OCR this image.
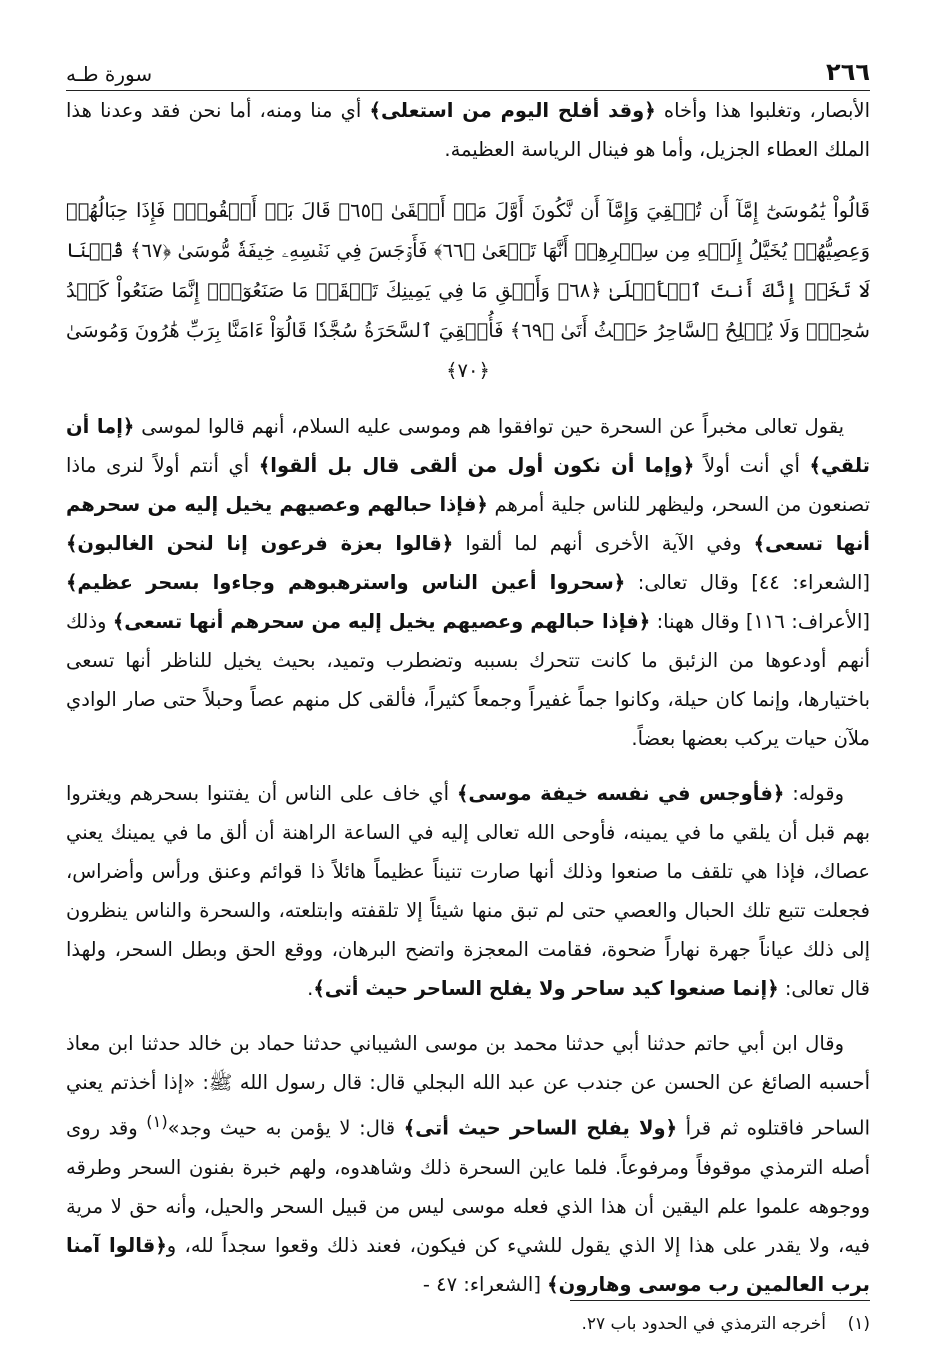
٢٦٦
سورة طـه

الأبصار، وتغلبوا هذا وأخاه ﴿وقد أفلح اليوم من استعلى﴾ أي منا ومنه، أما نحن فقد وعدنا هذا الملك العطاء الجزيل، وأما هو فينال الرياسة العظيمة.

قَالُواْ يَٰمُوسَىٰٓ إِمَّآ أَن تُلۡقِيَ وَإِمَّآ أَن نَّكُونَ أَوَّلَ مَنۡ أَلۡقَىٰ ﴿٦٥﴾ قَالَ بَلۡ أَلۡقُواْۖ فَإِذَا حِبَالُهُمۡ وَعِصِيُّهُمۡ يُخَيَّلُ إِلَيۡهِ مِن سِحۡرِهِمۡ أَنَّهَا تَسۡعَىٰ ﴿٦٦﴾ فَأَوۡجَسَ فِي نَفۡسِهِۦ خِيفَةٗ مُّوسَىٰ ﴿٦٧﴾ قُلۡنَا لَا تَخَفۡ إِنَّكَ أَنتَ ٱلۡأَعۡلَىٰ ﴿٦٨﴾ وَأَلۡقِ مَا فِي يَمِينِكَ تَلۡقَفۡ مَا صَنَعُوٓاْۖ إِنَّمَا صَنَعُواْ كَيۡدُ سَٰحِرٖۖ وَلَا يُفۡلِحُ ٱلسَّاحِرُ حَيۡثُ أَتَىٰ ﴿٦٩﴾ فَأُلۡقِيَ ٱلسَّحَرَةُ سُجَّدٗا قَالُوٓاْ ءَامَنَّا بِرَبِّ هَٰرُونَ وَمُوسَىٰ ﴿٧٠﴾

يقول تعالى مخبراً عن السحرة حين توافقوا هم وموسى عليه السلام، أنهم قالوا لموسى ﴿إما أن تلقي﴾ أي أنت أولاً ﴿وإما أن نكون أول من ألقى قال بل ألقوا﴾ أي أنتم أولاً لنرى ماذا تصنعون من السحر، وليظهر للناس جلية أمرهم ﴿فإذا حبالهم وعصيهم يخيل إليه من سحرهم أنها تسعى﴾ وفي الآية الأخرى أنهم لما ألقوا ﴿قالوا بعزة فرعون إنا لنحن الغالبون﴾ [الشعراء: ٤٤] وقال تعالى: ﴿سحروا أعين الناس واسترهبوهم وجاءوا بسحر عظيم﴾ [الأعراف: ١١٦] وقال ههنا: ﴿فإذا حبالهم وعصيهم يخيل إليه من سحرهم أنها تسعى﴾ وذلك أنهم أودعوها من الزئبق ما كانت تتحرك بسببه وتضطرب وتميد، بحيث يخيل للناظر أنها تسعى باختيارها، وإنما كان حيلة، وكانوا جماً غفيراً وجمعاً كثيراً، فألقى كل منهم عصاً وحبلاً حتى صار الوادي ملآن حيات يركب بعضها بعضاً.

وقوله: ﴿فأوجس في نفسه خيفة موسى﴾ أي خاف على الناس أن يفتنوا بسحرهم ويغتروا بهم قبل أن يلقي ما في يمينه، فأوحى الله تعالى إليه في الساعة الراهنة أن ألق ما في يمينك يعني عصاك، فإذا هي تلقف ما صنعوا وذلك أنها صارت تنيناً عظيماً هائلاً ذا قوائم وعنق ورأس وأضراس، فجعلت تتبع تلك الحبال والعصي حتى لم تبق منها شيئاً إلا تلقفته وابتلعته، والسحرة والناس ينظرون إلى ذلك عياناً جهرة نهاراً ضحوة، فقامت المعجزة واتضح البرهان، ووقع الحق وبطل السحر، ولهذا قال تعالى: ﴿إنما صنعوا كيد ساحر ولا يفلح الساحر حيث أتى﴾.

وقال ابن أبي حاتم حدثنا أبي حدثنا محمد بن موسى الشيباني حدثنا حماد بن خالد حدثنا ابن معاذ أحسبه الصائغ عن الحسن عن جندب عن عبد الله البجلي قال: قال رسول الله ﷺ: «إذا أخذتم يعني الساحر فاقتلوه ثم قرأ ﴿ولا يفلح الساحر حيث أتى﴾ قال: لا يؤمن به حيث وجد»$^{(١)}$ وقد روى أصله الترمذي موقوفاً ومرفوعاً. فلما عاين السحرة ذلك وشاهدوه، ولهم خبرة بفنون السحر وطرقه ووجوهه علموا علم اليقين أن هذا الذي فعله موسى ليس من قبيل السحر والحيل، وأنه حق لا مرية فيه، ولا يقدر على هذا إلا الذي يقول للشيء كن فيكون، فعند ذلك وقعوا سجداً لله، و﴿قالوا آمنا برب العالمين رب موسى وهارون﴾ [الشعراء: ٤٧ -

(١)    أخرجه الترمذي في الحدود باب ٢٧.
